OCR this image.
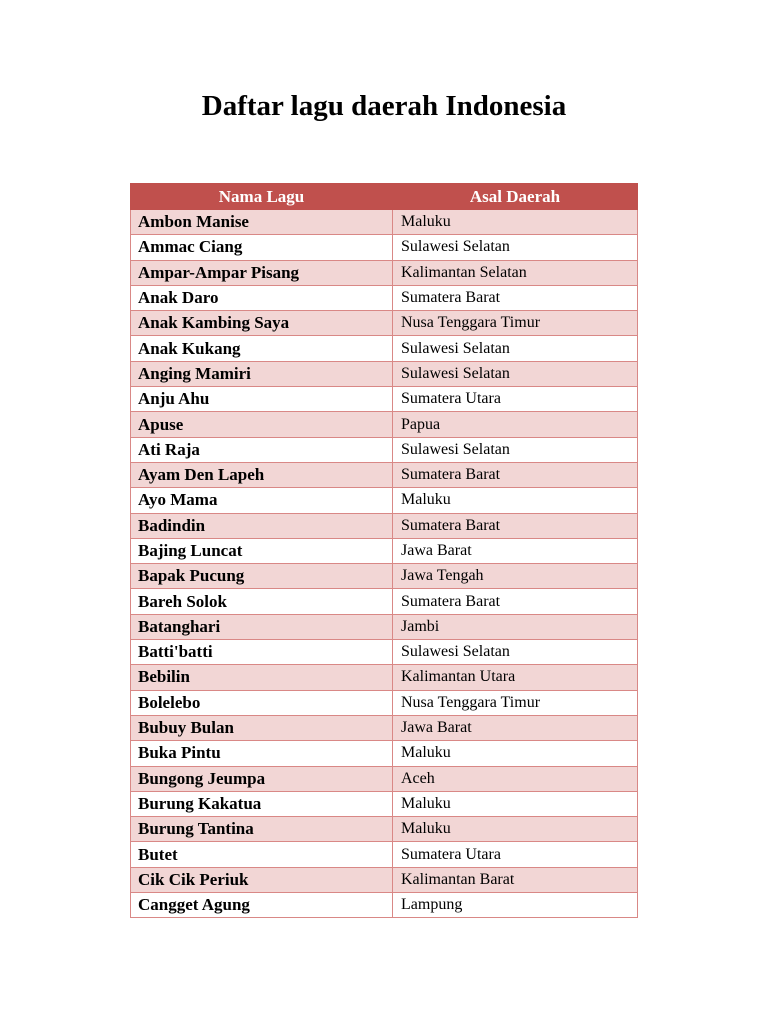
Daftar lagu daerah Indonesia
Nama Lagu	Asal Daerah
Ambon Manise	Maluku
Ammac Ciang	Sulawesi Selatan
Ampar-Ampar Pisang	Kalimantan Selatan
Anak Daro	Sumatera Barat
Anak Kambing Saya	Nusa Tenggara Timur
Anak Kukang	Sulawesi Selatan
Anging Mamiri	Sulawesi Selatan
Anju Ahu	Sumatera Utara
Apuse	Papua
Ati Raja	Sulawesi Selatan
Ayam Den Lapeh	Sumatera Barat
Ayo Mama	Maluku
Badindin	Sumatera Barat
Bajing Luncat	Jawa Barat
Bapak Pucung	Jawa Tengah
Bareh Solok	Sumatera Barat
Batanghari	Jambi
Batti'batti	Sulawesi Selatan
Bebilin	Kalimantan Utara
Bolelebo	Nusa Tenggara Timur
Bubuy Bulan	Jawa Barat
Buka Pintu	Maluku
Bungong Jeumpa	Aceh
Burung Kakatua	Maluku
Burung Tantina	Maluku
Butet	Sumatera Utara
Cik Cik Periuk	Kalimantan Barat
Cangget Agung	Lampung
